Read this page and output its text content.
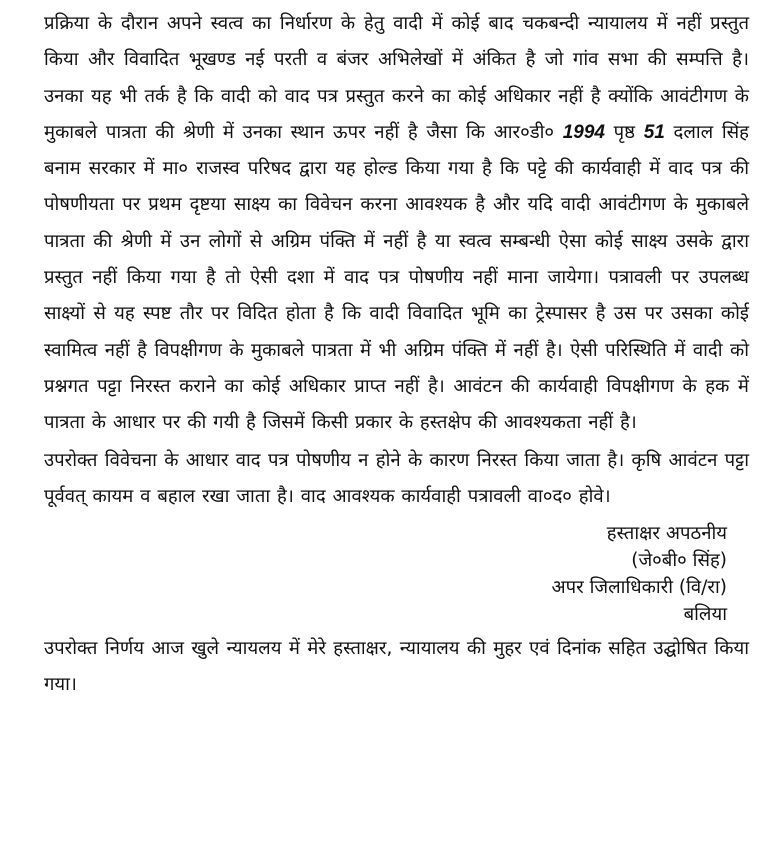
प्रक्रिया के दौरान अपने स्वत्व का निर्धारण के हेतु वादी में कोई बाद चकबन्दी न्यायालय में नहीं प्रस्तुत किया और विवादित भूखण्ड नई परती व बंजर अभिलेखों में अंकित है जो गांव सभा की सम्पत्ति है। उनका यह भी तर्क है कि वादी को वाद पत्र प्रस्तुत करने का कोई अधिकार नहीं है क्योंकि आवंटीगण के मुकाबले पात्रता की श्रेणी में उनका स्थान ऊपर नहीं है जैसा कि आर०डी० 1994 पृष्ठ 51 दलाल सिंह बनाम सरकार में मा० राजस्व परिषद द्वारा यह होल्ड किया गया है कि पट्टे की कार्यवाही में वाद पत्र की पोषणीयता पर प्रथम दृष्टया साक्ष्य का विवेचन करना आवश्यक है और यदि वादी आवंटीगण के मुकाबले पात्रता की श्रेणी में उन लोगों से अग्रिम पंक्ति में नहीं है या स्वत्व सम्बन्धी ऐसा कोई साक्ष्य उसके द्वारा प्रस्तुत नहीं किया गया है तो ऐसी दशा में वाद पत्र पोषणीय नहीं माना जायेगा। पत्रावली पर उपलब्ध साक्ष्यों से यह स्पष्ट तौर पर विदित होता है कि वादी विवादित भूमि का ट्रेस्पासर है उस पर उसका कोई स्वामित्व नहीं है विपक्षीगण के मुकाबले पात्रता में भी अग्रिम पंक्ति में नहीं है। ऐसी परिस्थिति में वादी को प्रश्नगत पट्टा निरस्त कराने का कोई अधिकार प्राप्त नहीं है। आवंटन की कार्यवाही विपक्षीगण के हक में पात्रता के आधार पर की गयी है जिसमें किसी प्रकार के हस्तक्षेप की आवश्यकता नहीं है।

उपरोक्त विवेचना के आधार वाद पत्र पोषणीय न होने के कारण निरस्त किया जाता है। कृषि आवंटन पट्टा पूर्ववत् कायम व बहाल रखा जाता है। वाद आवश्यक कार्यवाही पत्रावली वा०द० होवे।

हस्ताक्षर अपठनीय
(जे०बी० सिंह)
अपर जिलाधिकारी (वि/रा)
बलिया

उपरोक्त निर्णय आज खुले न्यायलय में मेरे हस्ताक्षर, न्यायालय की मुहर एवं दिनांक सहित उद्घोषित किया गया।
